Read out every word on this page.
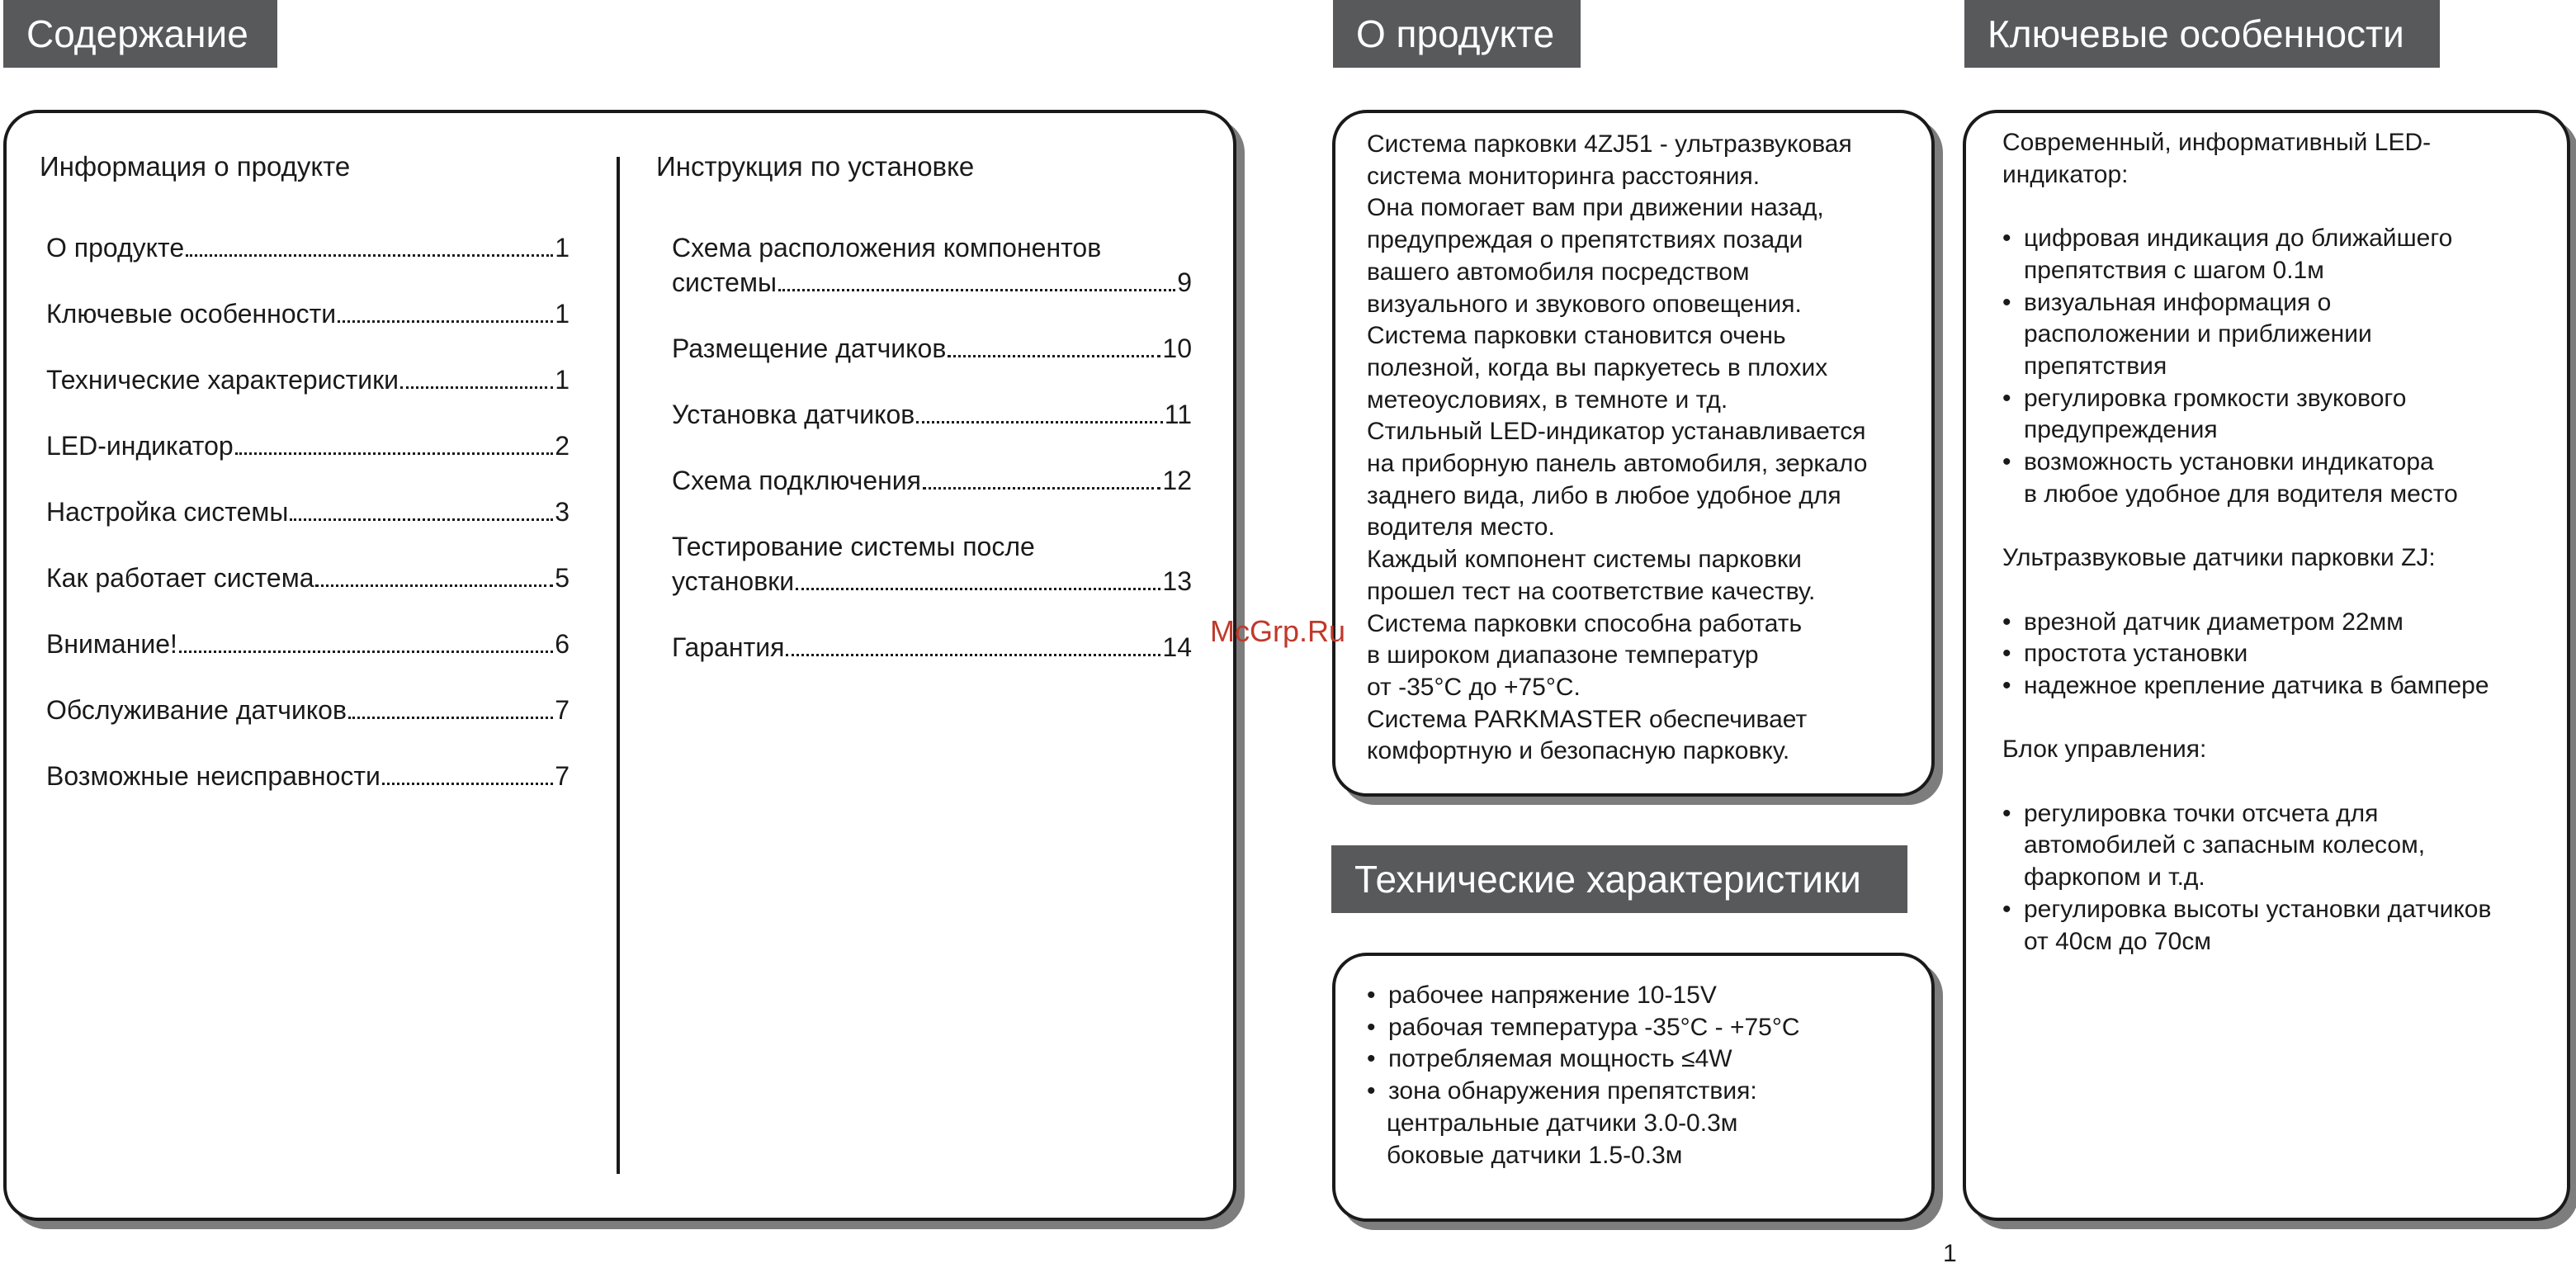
Содержание	О продукте	Ключевые особенности
Технические характеристики
Информация о продукте	Инструкция по установке
О продукте	1
Ключевые особенности	1
Технические характеристики	1
LED-индикатор	2
Настройка системы	3
Как работает система	5
Внимание!	6
Обслуживание датчиков	7
Возможные неисправности	7
Схема расположения компонентов
системы	9
Размещение датчиков	10
Установка датчиков	11
Схема подключения	12
Тестирование системы после
установки	13
Гарантия	14

Система парковки 4ZJ51 - ультразвуковая

система мониторинга расстояния.

Она помогает вам при движении назад,

предупреждая о препятствиях позади

вашего автомобиля посредством

визуального и звукового оповещения.

Система парковки становится очень

полезной, когда вы паркуетесь в плохих

метеоусловиях, в темноте и тд.

Стильный LED-индикатор устанавливается

на приборную панель автомобиля, зеркало

заднего вида, либо в любое удобное для

водителя место.

Каждый компонент системы парковки

прошел тест на соответствие качеству.

Система парковки способна работать

в широком диапазоне температур

от -35°С до +75°С.

Система PARKMASTER обеспечивает

комфортную и безопасную парковку.

• рабочее напряжение 10-15V
• рабочая температура -35°С - +75°С
• потребляемая мощность ≤4W
• зона обнаружения препятствия:

центральные датчики 3.0-0.3м

боковые датчики 1.5-0.3м

Современный, информативный LED-

индикатор:

• цифровая индикация до ближайшего
препятствия с шагом 0.1м
• визуальная информация о
расположении и приближении
препятствия
• регулировка громкости звукового
предупреждения
• возможность установки индикатора
в любое удобное для водителя место

Ультразвуковые датчики парковки ZJ:

• врезной датчик диаметром 22мм
• простота установки
• надежное крепление датчика в бампере

Блок управления:

• регулировка точки отсчета для
автомобилей с запасным колесом,
фаркопом и т.д.
• регулировка высоты установки датчиков
от 40см до 70см
McGrp.Ru
1
